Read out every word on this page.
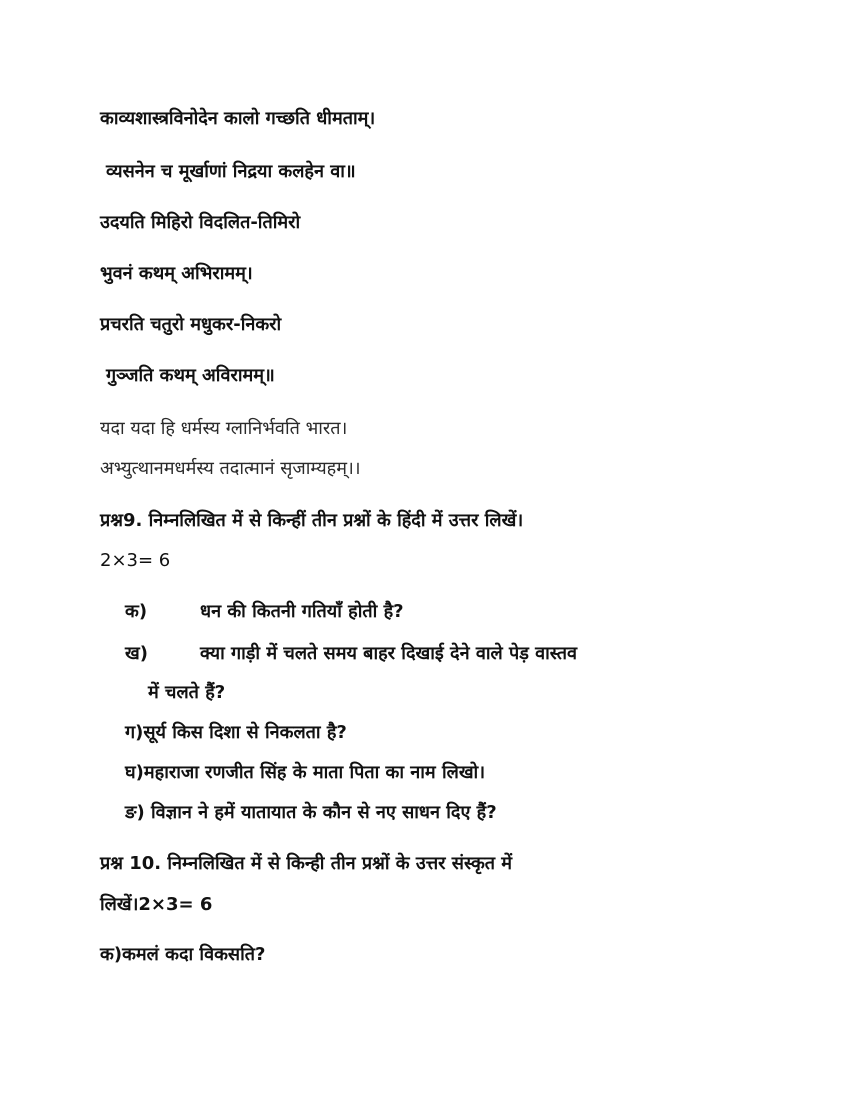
काव्यशास्त्रविनोदेन कालो गच्छति धीमताम्।
व्यसनेन च मूर्खाणां निद्रया कलहेन वा॥
उदयति मिहिरो विदलित-तिमिरो
भुवनं कथम् अभिरामम्।
प्रचरति चतुरो मधुकर-निकरो
गुञ्जति कथम् अविरामम्॥
यदा यदा हि धर्मस्य ग्लानिर्भवति भारत।
अभ्युत्थानमधर्मस्य तदात्मानं सृजाम्यहम्।।
प्रश्न9. निम्नलिखित में से किन्हीं तीन प्रश्नों के हिंदी में उत्तर लिखें।
2×3= 6
क)	धन की कितनी गतियाँ होती है?
ख)	क्या गाड़ी में चलते समय बाहर दिखाई देने वाले पेड़ वास्तव
में चलते हैं?
ग)सूर्य किस दिशा से निकलता है?
घ)महाराजा रणजीत सिंह के माता पिता का नाम लिखो।
ङ) विज्ञान ने हमें यातायात के कौन से नए साधन दिए हैं?
प्रश्न 10. निम्नलिखित में से किन्ही तीन प्रश्नों के उत्तर संस्कृत में
लिखें।2×3= 6
क)कमलं कदा विकसति?
